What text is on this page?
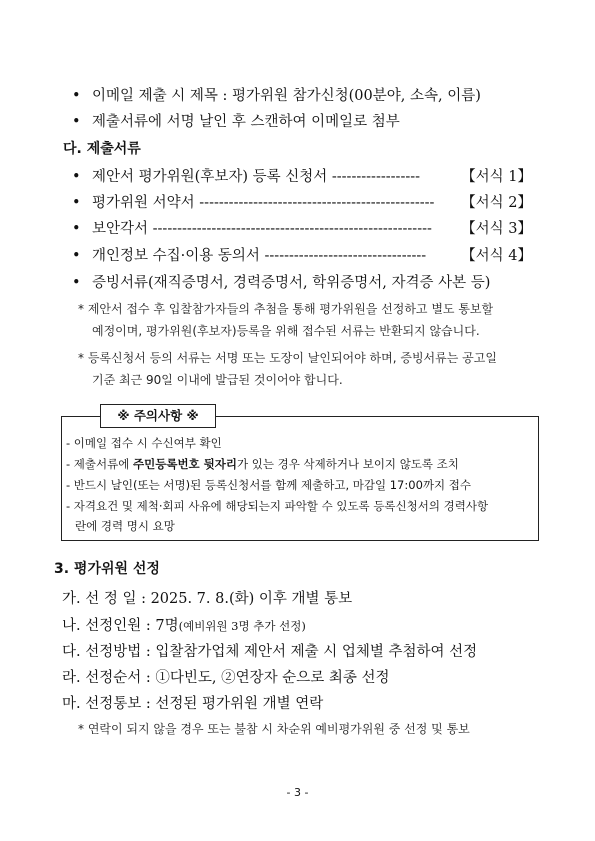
• 이메일 제출 시 제목 : 평가위원 참가신청(00분야, 소속, 이름)
• 제출서류에 서명 날인 후 스캔하여 이메일로 첨부
다. 제출서류
• 제안서 평가위원(후보자) 등록 신청서 ------------------	【서식 1】
• 평가위원 서약서 ------------------------------------------------ 【서식 2】
• 보안각서 --------------------------------------------------------- 【서식 3】
• 개인정보 수집·이용 동의서 --------------------------------- 【서식 4】
• 증빙서류(재직증명서, 경력증명서, 학위증명서, 자격증 사본 등)
* 제안서 접수 후 입찰참가자들의 추첨을 통해 평가위원을 선정하고 별도 통보할
예정이며, 평가위원(후보자)등록을 위해 접수된 서류는 반환되지 않습니다.
* 등록신청서 등의 서류는 서명 또는 도장이 날인되어야 하며, 증빙서류는 공고일
기준 최근 90일 이내에 발급된 것이어야 합니다.
※ 주의사항 ※
- 이메일 접수 시 수신여부 확인
- 제출서류에 주민등록번호 뒷자리가 있는 경우 삭제하거나 보이지 않도록 조치
- 반드시 날인(또는 서명)된 등록신청서를 함께 제출하고, 마감일 17:00까지 접수
- 자격요건 및 제척·회피 사유에 해당되는지 파악할 수 있도록 등록신청서의 경력사항
란에 경력 명시 요망
3. 평가위원 선정
가. 선 정 일 : 2025. 7. 8.(화) 이후 개별 통보
나. 선정인원 : 7명(예비위원 3명 추가 선정)
다. 선정방법 : 입찰참가업체 제안서 제출 시 업체별 추첨하여 선정
라. 선정순서 : ①다빈도, ②연장자 순으로 최종 선정
마. 선정통보 : 선정된 평가위원 개별 연락
* 연락이 되지 않을 경우 또는 불참 시 차순위 예비평가위원 중 선정 및 통보
- 3 -
